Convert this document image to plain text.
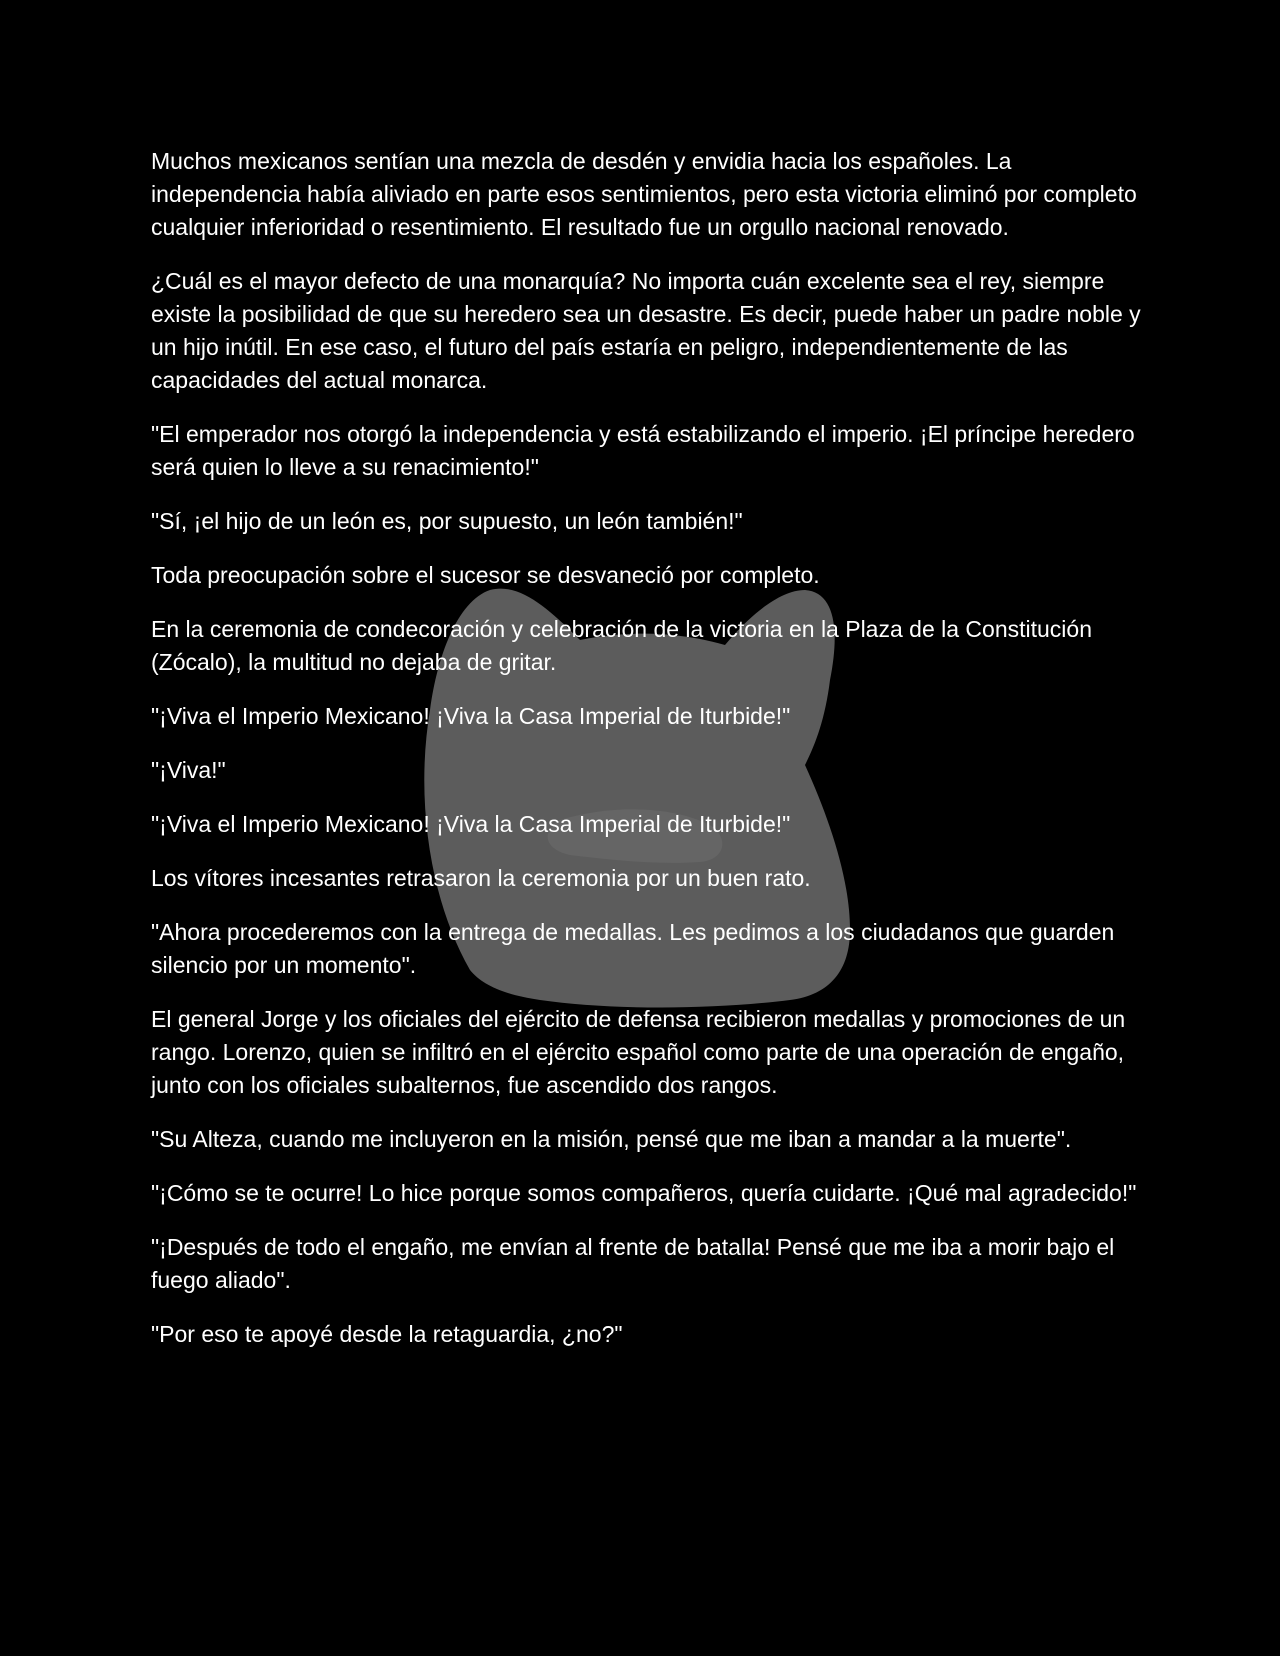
Muchos mexicanos sentían una mezcla de desdén y envidia hacia los españoles. La independencia había aliviado en parte esos sentimientos, pero esta victoria eliminó por completo cualquier inferioridad o resentimiento. El resultado fue un orgullo nacional renovado.

¿Cuál es el mayor defecto de una monarquía? No importa cuán excelente sea el rey, siempre existe la posibilidad de que su heredero sea un desastre. Es decir, puede haber un padre noble y un hijo inútil. En ese caso, el futuro del país estaría en peligro, independientemente de las capacidades del actual monarca.

"El emperador nos otorgó la independencia y está estabilizando el imperio. ¡El príncipe heredero será quien lo lleve a su renacimiento!"

"Sí, ¡el hijo de un león es, por supuesto, un león también!"

Toda preocupación sobre el sucesor se desvaneció por completo.

En la ceremonia de condecoración y celebración de la victoria en la Plaza de la Constitución (Zócalo), la multitud no dejaba de gritar.

"¡Viva el Imperio Mexicano! ¡Viva la Casa Imperial de Iturbide!"

"¡Viva!"

"¡Viva el Imperio Mexicano! ¡Viva la Casa Imperial de Iturbide!"

Los vítores incesantes retrasaron la ceremonia por un buen rato.

"Ahora procederemos con la entrega de medallas. Les pedimos a los ciudadanos que guarden silencio por un momento".

El general Jorge y los oficiales del ejército de defensa recibieron medallas y promociones de un rango. Lorenzo, quien se infiltró en el ejército español como parte de una operación de engaño, junto con los oficiales subalternos, fue ascendido dos rangos.

"Su Alteza, cuando me incluyeron en la misión, pensé que me iban a mandar a la muerte".

"¡Cómo se te ocurre! Lo hice porque somos compañeros, quería cuidarte. ¡Qué mal agradecido!"

"¡Después de todo el engaño, me envían al frente de batalla! Pensé que me iba a morir bajo el fuego aliado".

"Por eso te apoyé desde la retaguardia, ¿no?"
